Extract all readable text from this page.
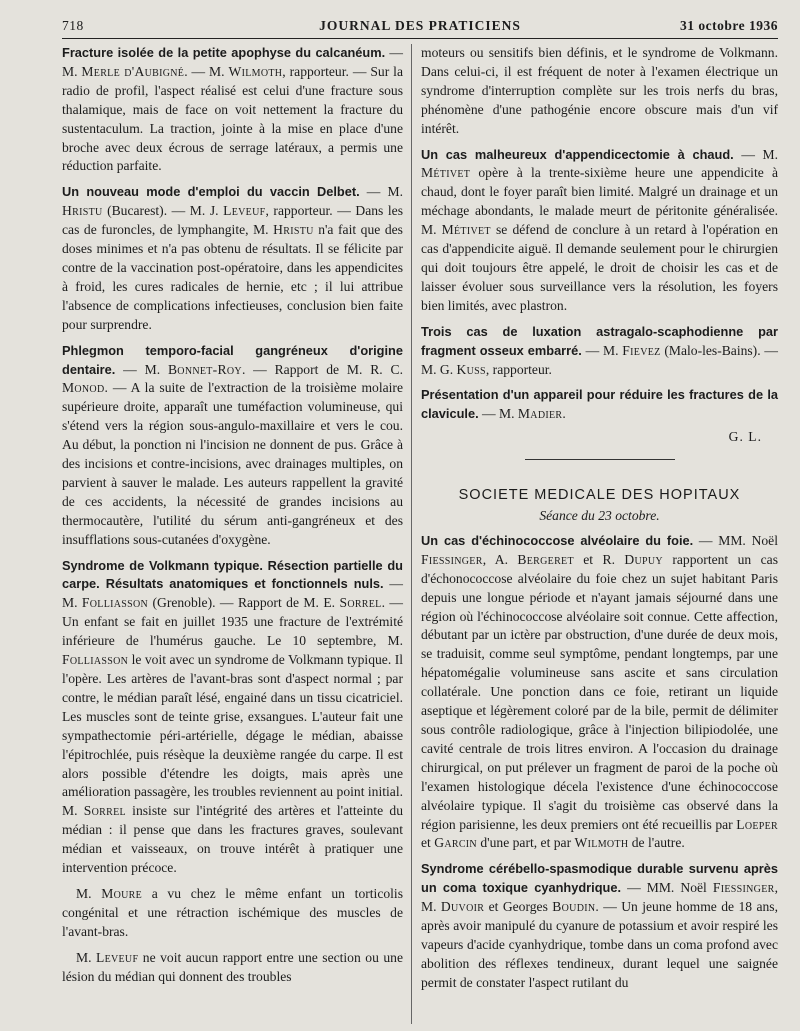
718	JOURNAL DES PRATICIENS	31 octobre 1936

Fracture isolée de la petite apophyse du calcanéum. — M. Merle d'Aubigné. — M. Wilmoth, rapporteur. — Sur la radio de profil, l'aspect réalisé est celui d'une fracture sous thalamique, mais de face on voit nettement la fracture du sustentaculum. La traction, jointe à la mise en place d'une broche avec deux écrous de serrage latéraux, a permis une réduction parfaite.

Un nouveau mode d'emploi du vaccin Delbet. — M. Hristu (Bucarest). — M. J. Leveuf, rapporteur. — Dans les cas de furoncles, de lymphangite, M. Hristu n'a fait que des doses minimes et n'a pas obtenu de résultats. Il se félicite par contre de la vaccination post-opératoire, dans les appendicites à froid, les cures radicales de hernie, etc ; il lui attribue l'absence de complications infectieuses, conclusion bien faite pour surprendre.

Phlegmon temporo-facial gangréneux d'origine dentaire. — M. Bonnet-Roy. — Rapport de M. R. C. Monod. — A la suite de l'extraction de la troisième molaire supérieure droite, apparaît une tuméfaction volumineuse, qui s'étend vers la région sous-angulo-maxillaire et vers le cou. Au début, la ponction ni l'incision ne donnent de pus. Grâce à des incisions et contre-incisions, avec drainages multiples, on parvient à sauver le malade. Les auteurs rappellent la gravité de ces accidents, la nécessité de grandes incisions au thermocautère, l'utilité du sérum anti-gangréneux et des insufflations sous-cutanées d'oxygène.

Syndrome de Volkmann typique. Résection partielle du carpe. Résultats anatomiques et fonctionnels nuls. — M. Folliasson (Grenoble). — Rapport de M. E. Sorrel. — Un enfant se fait en juillet 1935 une fracture de l'extrémité inférieure de l'humérus gauche. Le 10 septembre, M. Folliasson le voit avec un syndrome de Volkmann typique. Il l'opère. Les artères de l'avant-bras sont d'aspect normal ; par contre, le médian paraît lésé, engainé dans un tissu cicatriciel. Les muscles sont de teinte grise, exsangues. L'auteur fait une sympathectomie péri-artérielle, dégage le médian, abaisse l'épitrochlée, puis résèque la deuxième rangée du carpe. Il est alors possible d'étendre les doigts, mais après une amélioration passagère, les troubles reviennent au point initial. M. Sorrel insiste sur l'intégrité des artères et l'atteinte du médian : il pense que dans les fractures graves, soulevant médian et vaisseaux, on trouve intérêt à pratiquer une intervention précoce.

M. Moure a vu chez le même enfant un torticolis congénital et une rétraction ischémique des muscles de l'avant-bras.

M. Leveuf ne voit aucun rapport entre une section ou une lésion du médian qui donnent des troubles

moteurs ou sensitifs bien définis, et le syndrome de Volkmann. Dans celui-ci, il est fréquent de noter à l'examen électrique un syndrome d'interruption complète sur les trois nerfs du bras, phénomène d'une pathogénie encore obscure mais d'un vif intérêt.

Un cas malheureux d'appendicectomie à chaud. — M. Métivet opère à la trente-sixième heure une appendicite à chaud, dont le foyer paraît bien limité. Malgré un drainage et un méchage abondants, le malade meurt de péritonite généralisée. M. Métivet se défend de conclure à un retard à l'opération en cas d'appendicite aiguë. Il demande seulement pour le chirurgien qui doit toujours être appelé, le droit de choisir les cas et de laisser évoluer sous surveillance vers la résolution, les foyers bien limités, avec plastron.

Trois cas de luxation astragalo-scaphodienne par fragment osseux embarré. — M. Fievez (Malo-les-Bains). — M. G. Kuss, rapporteur.

Présentation d'un appareil pour réduire les fractures de la clavicule. — M. Madier.

G. L.

SOCIETE MEDICALE DES HOPITAUX

Séance du 23 octobre.

Un cas d'échinococcose alvéolaire du foie. — MM. Noël Fiessinger, A. Bergeret et R. Dupuy rapportent un cas d'échonococcose alvéolaire du foie chez un sujet habitant Paris depuis une longue période et n'ayant jamais séjourné dans une région où l'échinococcose alvéolaire soit connue. Cette affection, débutant par un ictère par obstruction, d'une durée de deux mois, se traduisit, comme seul symptôme, pendant longtemps, par une hépatomégalie volumineuse sans ascite et sans circulation collatérale. Une ponction dans ce foie, retirant un liquide aseptique et légèrement coloré par de la bile, permit de délimiter sous contrôle radiologique, grâce à l'injection bilipiodolée, une cavité centrale de trois litres environ. A l'occasion du drainage chirurgical, on put prélever un fragment de paroi de la poche où l'examen histologique décela l'existence d'une échinococcose alvéolaire typique. Il s'agit du troisième cas observé dans la région parisienne, les deux premiers ont été recueillis par Loeper et Garcin d'une part, et par Wilmoth de l'autre.

Syndrome cérébello-spasmodique durable survenu après un coma toxique cyanhydrique. — MM. Noël Fiessinger, M. Duvoir et Georges Boudin. — Un jeune homme de 18 ans, après avoir manipulé du cyanure de potassium et avoir respiré les vapeurs d'acide cyanhydrique, tombe dans un coma profond avec abolition des réflexes tendineux, durant lequel une saignée permit de constater l'aspect rutilant du
